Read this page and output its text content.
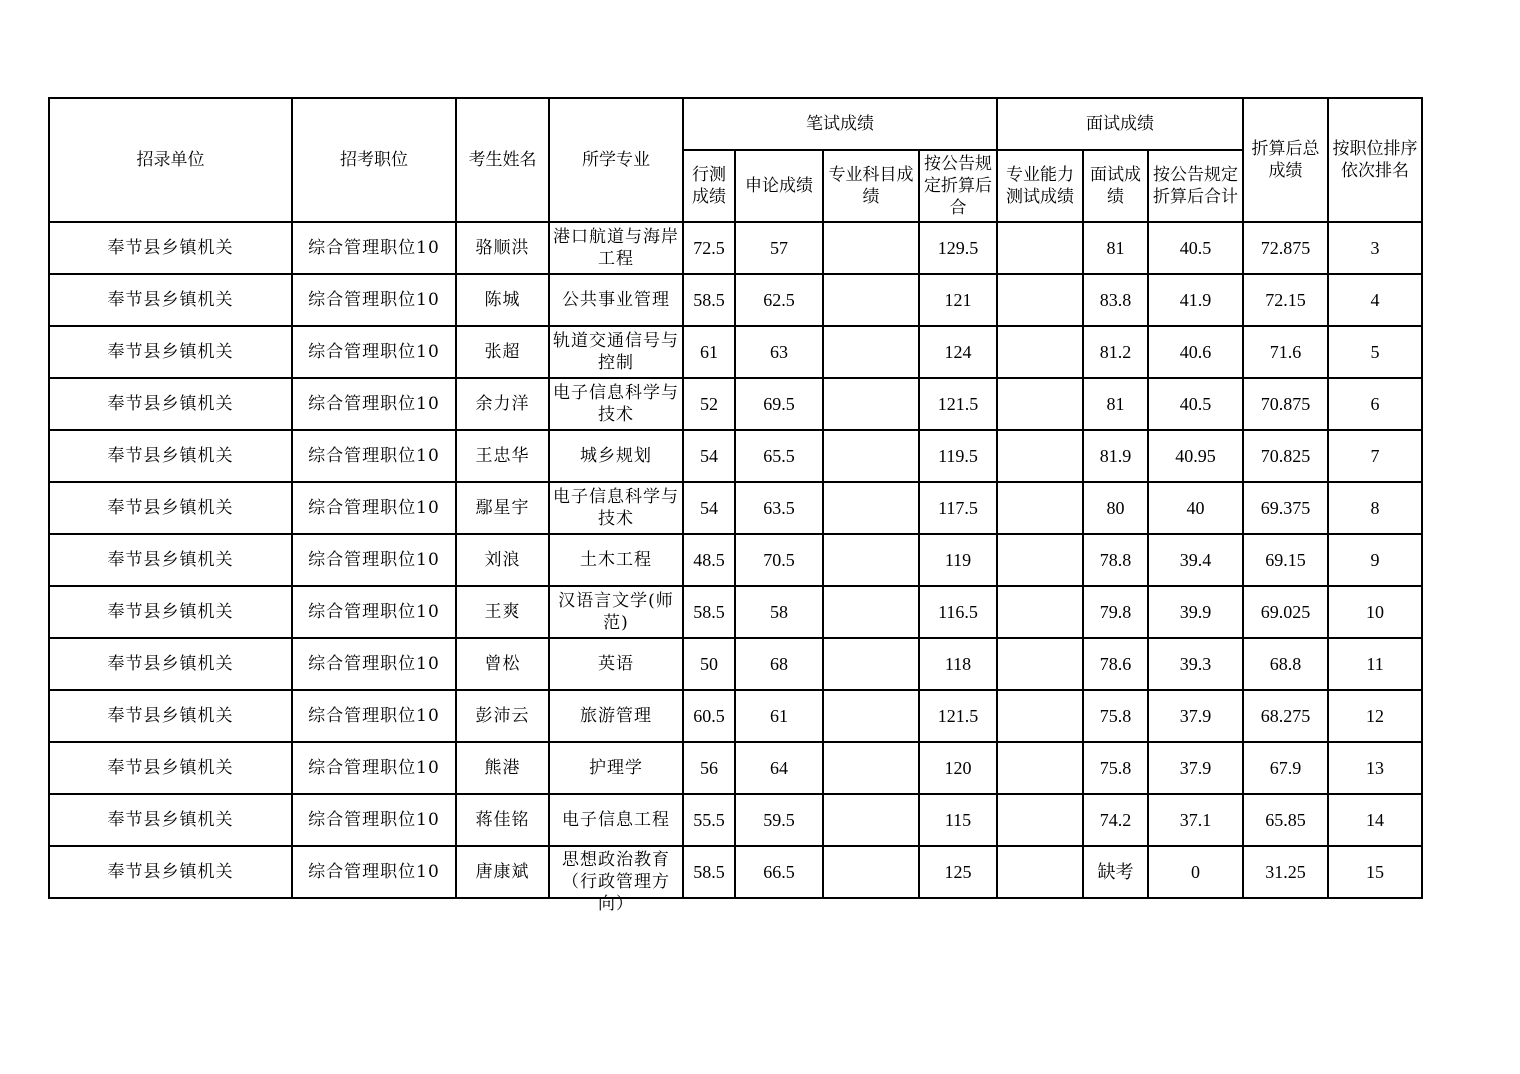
招录单位	招考职位	考生姓名	所学专业	笔试成绩				面试成绩			折算后总成绩	按职位排序依次排名

				行测成绩	申论成绩	专业科目成绩	按公告规定折算后合	专业能力测试成绩	面试成绩	按公告规定折算后合计		

奉节县乡镇机关	综合管理职位10	骆顺洪	港口航道与海岸工程	72.5	57		129.5		81	40.5	72.875	3
奉节县乡镇机关	综合管理职位10	陈城	公共事业管理	58.5	62.5		121		83.8	41.9	72.15	4
奉节县乡镇机关	综合管理职位10	张超	轨道交通信号与控制	61	63		124		81.2	40.6	71.6	5
奉节县乡镇机关	综合管理职位10	余力洋	电子信息科学与技术	52	69.5		121.5		81	40.5	70.875	6
奉节县乡镇机关	综合管理职位10	王忠华	城乡规划	54	65.5		119.5		81.9	40.95	70.825	7
奉节县乡镇机关	综合管理职位10	鄢星宇	电子信息科学与技术	54	63.5		117.5		80	40	69.375	8
奉节县乡镇机关	综合管理职位10	刘浪	土木工程	48.5	70.5		119		78.8	39.4	69.15	9
奉节县乡镇机关	综合管理职位10	王爽	汉语言文学(师范)	58.5	58		116.5		79.8	39.9	69.025	10
奉节县乡镇机关	综合管理职位10	曾松	英语	50	68		118		78.6	39.3	68.8	11
奉节县乡镇机关	综合管理职位10	彭沛云	旅游管理	60.5	61		121.5		75.8	37.9	68.275	12
奉节县乡镇机关	综合管理职位10	熊港	护理学	56	64		120		75.8	37.9	67.9	13
奉节县乡镇机关	综合管理职位10	蒋佳铭	电子信息工程	55.5	59.5		115		74.2	37.1	65.85	14
奉节县乡镇机关	综合管理职位10	唐康斌	思想政治教育（行政管理方向）	58.5	66.5		125		缺考	0	31.25	15
